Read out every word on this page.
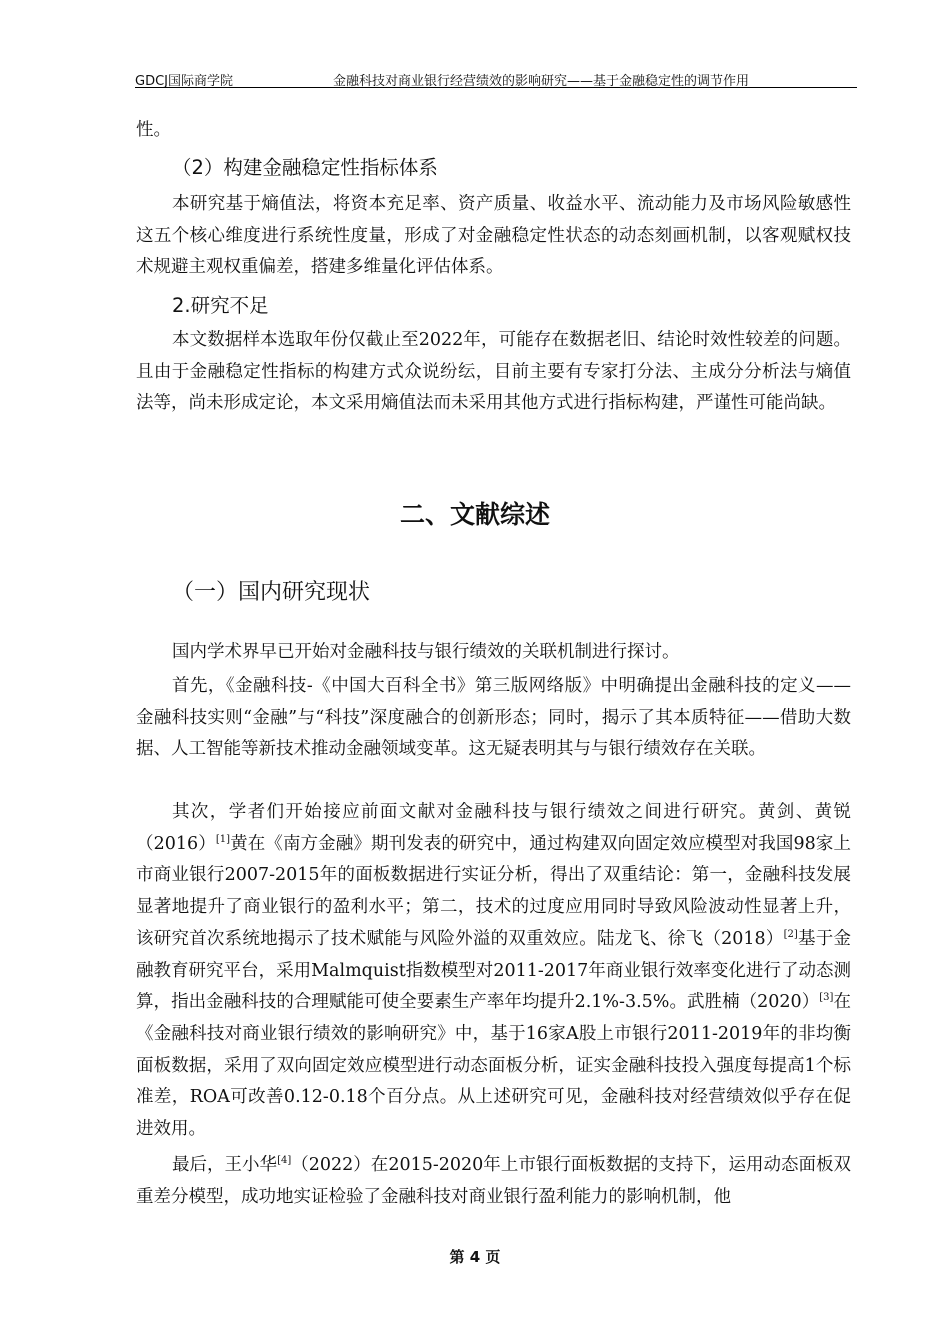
GDCJ国际商学院	金融科技对商业银行经营绩效的影响研究——基于金融稳定性的调节作用
性。
（2）构建金融稳定性指标体系
本研究基于熵值法，将资本充足率、资产质量、收益水平、流动能力及市场风险敏感性这五个核心维度进行系统性度量，形成了对金融稳定性状态的动态刻画机制，以客观赋权技术规避主观权重偏差，搭建多维量化评估体系。
2.研究不足
本文数据样本选取年份仅截止至2022年，可能存在数据老旧、结论时效性较差的问题。且由于金融稳定性指标的构建方式众说纷纭，目前主要有专家打分法、主成分分析法与熵值法等，尚未形成定论，本文采用熵值法而未采用其他方式进行指标构建，严谨性可能尚缺。
二、文献综述
（一）国内研究现状
国内学术界早已开始对金融科技与银行绩效的关联机制进行探讨。
首先，《金融科技-《中国大百科全书》第三版网络版》中明确提出金融科技的定义——金融科技实则“金融”与“科技”深度融合的创新形态；同时，揭示了其本质特征——借助大数据、人工智能等新技术推动金融领域变革。这无疑表明其与与银行绩效存在关联。
其次，学者们开始接应前面文献对金融科技与银行绩效之间进行研究。黄剑、黄锐（2016）[1]黄在《南方金融》期刊发表的研究中，通过构建双向固定效应模型对我国98家上市商业银行2007-2015年的面板数据进行实证分析，得出了双重结论：第一，金融科技发展显著地提升了商业银行的盈利水平；第二，技术的过度应用同时导致风险波动性显著上升，该研究首次系统地揭示了技术赋能与风险外溢的双重效应。陆龙飞、徐飞（2018）[2]基于金融教育研究平台，采用Malmquist指数模型对2011-2017年商业银行效率变化进行了动态测算，指出金融科技的合理赋能可使全要素生产率年均提升2.1%-3.5%。武胜楠（2020）[3]在《金融科技对商业银行绩效的影响研究》中，基于16家A股上市银行2011-2019年的非均衡面板数据，采用了双向固定效应模型进行动态面板分析，证实金融科技投入强度每提高1个标准差，ROA可改善0.12-0.18个百分点。从上述研究可见，金融科技对经营绩效似乎存在促进效用。
最后，王小华[4]（2022）在2015-2020年上市银行面板数据的支持下，运用动态面板双重差分模型，成功地实证检验了金融科技对商业银行盈利能力的影响机制，他
第 4 页
